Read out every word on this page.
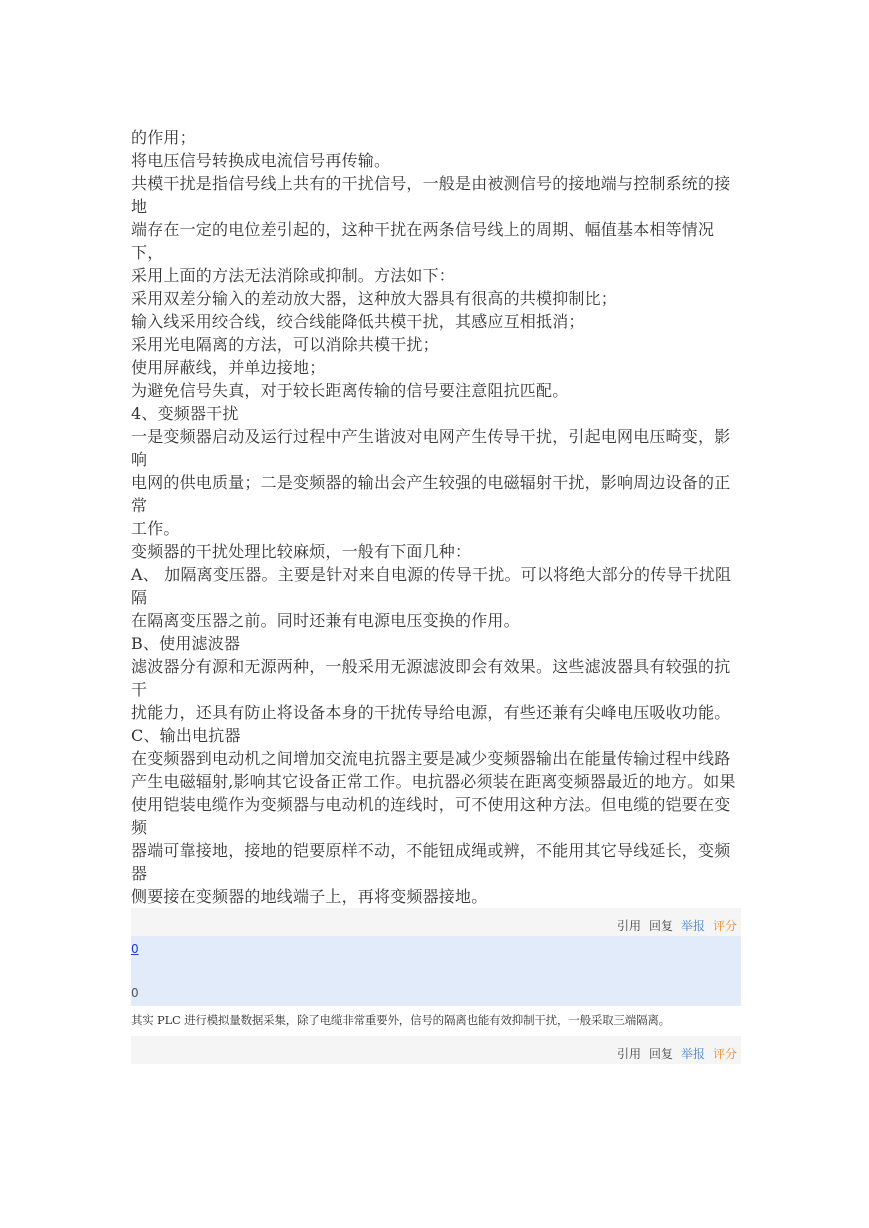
的作用；

将电压信号转换成电流信号再传输。

共模干扰是指信号线上共有的干扰信号，一般是由被测信号的接地端与控制系统的接地

端存在一定的电位差引起的，这种干扰在两条信号线上的周期、幅值基本相等情况下，

采用上面的方法无法消除或抑制。方法如下：

采用双差分输入的差动放大器，这种放大器具有很高的共模抑制比；

输入线采用绞合线，绞合线能降低共模干扰，其感应互相抵消；

采用光电隔离的方法，可以消除共模干扰；

使用屏蔽线，并单边接地；

为避免信号失真，对于较长距离传输的信号要注意阻抗匹配。

4、变频器干扰

一是变频器启动及运行过程中产生谐波对电网产生传导干扰，引起电网电压畸变，影响

电网的供电质量；二是变频器的输出会产生较强的电磁辐射干扰，影响周边设备的正常

工作。

变频器的干扰处理比较麻烦，一般有下面几种：

A、 加隔离变压器。主要是针对来自电源的传导干扰。可以将绝大部分的传导干扰阻隔

在隔离变压器之前。同时还兼有电源电压变换的作用。

B、使用滤波器

滤波器分有源和无源两种，一般采用无源滤波即会有效果。这些滤波器具有较强的抗干

扰能力，还具有防止将设备本身的干扰传导给电源，有些还兼有尖峰电压吸收功能。

C、输出电抗器

在变频器到电动机之间增加交流电抗器主要是减少变频器输出在能量传输过程中线路

产生电磁辐射,影响其它设备正常工作。电抗器必须装在距离变频器最近的地方。如果

使用铠装电缆作为变频器与电动机的连线时，可不使用这种方法。但电缆的铠要在变频

器端可靠接地，接地的铠要原样不动，不能钮成绳或辨，不能用其它导线延长，变频器

侧要接在变频器的地线端子上，再将变频器接地。

引用 回复 举报 评分
0
0
其实 PLC 进行模拟量数据采集，除了电缆非常重要外，信号的隔离也能有效抑制干扰，一般采取三端隔离。
引用 回复 举报 评分
